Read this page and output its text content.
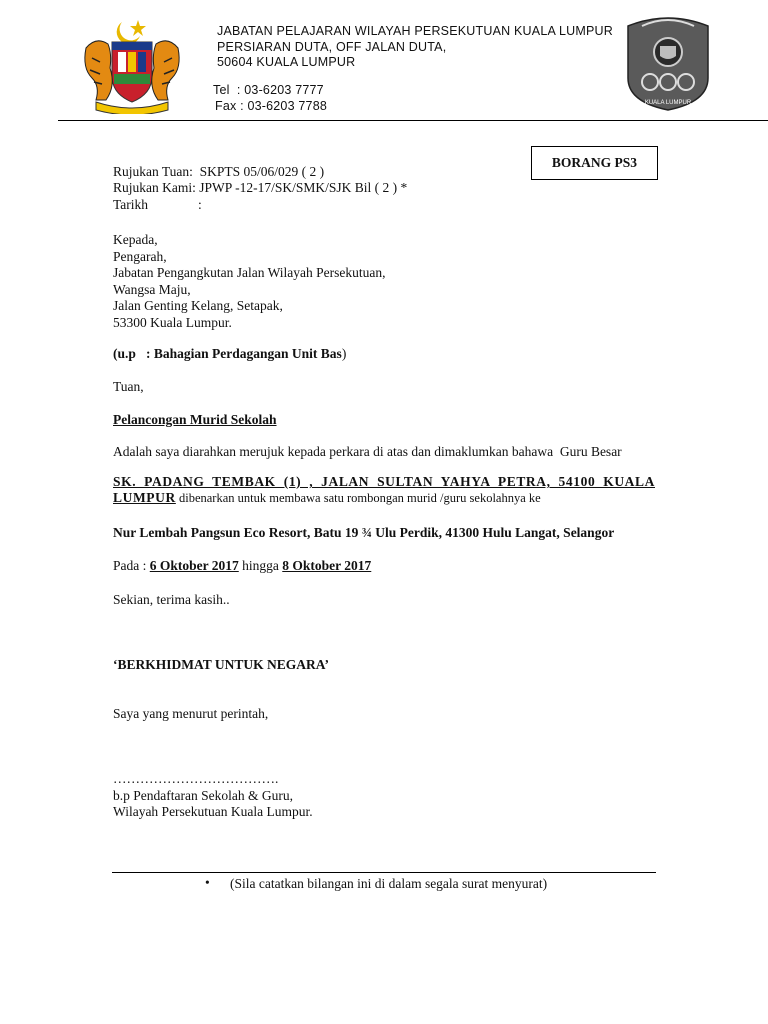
JABATAN PELAJARAN WILAYAH PERSEKUTUAN KUALA LUMPUR
PERSIARAN DUTA, OFF JALAN DUTA,
50604 KUALA LUMPUR
Tel  : 03-6203 7777
Fax : 03-6203 7788	KUALA LUMPUR
BORANG PS3
Rujukan Tuan:  SKPTS 05/06/029 ( 2 )
Rujukan Kami: JPWP -12-17/SK/SMK/SJK Bil ( 2 ) *
Tarikh	:
Kepada,
Pengarah,
Jabatan Pengangkutan Jalan Wilayah Persekutuan,
Wangsa Maju,
Jalan Genting Kelang, Setapak,
53300 Kuala Lumpur.
(u.p   : Bahagian Perdagangan Unit Bas)
Tuan,
Pelancongan Murid Sekolah
Adalah saya diarahkan merujuk kepada perkara di atas dan dimaklumkan bahawa  Guru Besar
SK. PADANG TEMBAK (1) , JALAN SULTAN YAHYA PETRA, 54100 KUALA LUMPUR dibenarkan untuk membawa satu rombongan murid /guru sekolahnya ke
Nur Lembah Pangsun Eco Resort, Batu 19 ¾ Ulu Perdik, 41300 Hulu Langat, Selangor
Pada : 6 Oktober 2017 hingga 8 Oktober 2017
Sekian, terima kasih..
‘BERKHIDMAT UNTUK NEGARA’
Saya yang menurut perintah,
……………………………….
b.p Pendaftaran Sekolah & Guru,
Wilayah Persekutuan Kuala Lumpur.
• (Sila catatkan bilangan ini di dalam segala surat menyurat)
